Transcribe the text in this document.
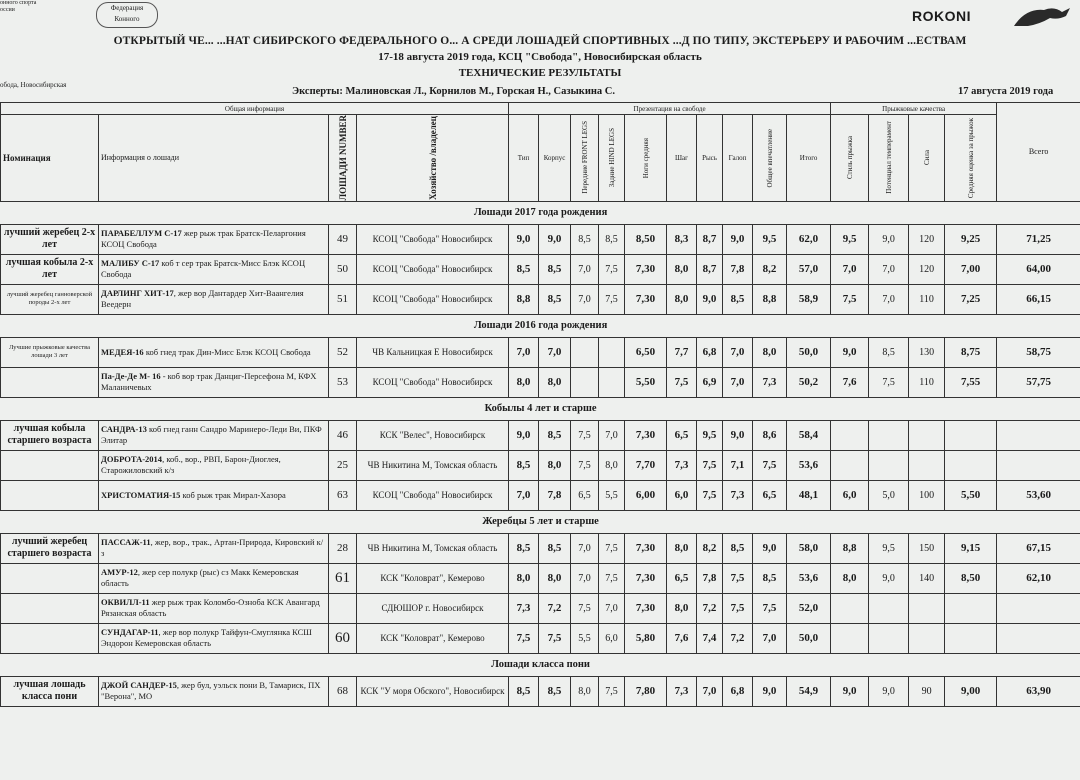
онного спорта
оссии	Федерация
Конного	ROKONI
ОТКРЫТЫЙ ЧЕ... ...НАТ СИБИРСКОГО ФЕДЕРАЛЬНОГО О... А СРЕДИ ЛОШАДЕЙ СПОРТИВНЫХ ...Д ПО ТИПУ, ЭКСТЕРЬЕРУ И РАБОЧИМ ...ЕСТВАМ
17-18 августа 2019 года, КСЦ "Свобода", Новосибирская область
ТЕХНИЧЕСКИЕ РЕЗУЛЬТАТЫ
ободa, Новосибирская
Эксперты: Малиновская Л., Корнилов М., Горская Н., Сазыкина С.	17 августа 2019 года
Общая информация				Презентация на свободе										Прыжковые качества				Всего
Номинация	Информация о лошади	ЛОШАДИ NUMBER	Хозяйство /владелец	Тип	Корпус	Передние FRONT LEGS	Задние HIND LEGS	Ноги средняя	Шаг	Рысь	Галоп	Общее впечатление	Итого	Стиль прыжка	Потенциал темперамент	Сила	Средняя оценка за прыжок	

Лошади 2017 года рождения																		
лучший жеребец 2-х лет	ПАРАБЕЛЛУМ С-17 жер рыж трак Братск-Пеларгония КСОЦ Свобода	49	КСОЦ "Свобода" Новосибирск	9,0	9,0	8,5	8,5	8,50	8,3	8,7	9,0	9,5	62,0	9,5	9,0	120	9,25	71,25
лучшая кобыла 2-х лет	МАЛИБУ С-17 коб т сер трак Братск-Мисс Блэк КСОЦ Свобода	50	КСОЦ "Свобода" Новосибирск	8,5	8,5	7,0	7,5	7,30	8,0	8,7	7,8	8,2	57,0	7,0	7,0	120	7,00	64,00
лучший жеребец ганноверской породы 2-х лет	ДАРЛИНГ ХИТ-17, жер вор Дантардер Хит-Ваангелия Веедерн	51	КСОЦ "Свобода" Новосибирск	8,8	8,5	7,0	7,5	7,30	8,0	9,0	8,5	8,8	58,9	7,5	7,0	110	7,25	66,15
Лошади 2016 года рождения																		
Лучшие прыжковые качества лошади 3 лет	МЕДЕЯ-16 коб гнед трак Дин-Мисс Блэк КСОЦ Свобода	52	ЧВ Кальницкая Е Новосибирск	7,0	7,0			6,50	7,7	6,8	7,0	8,0	50,0	9,0	8,5	130	8,75	58,75
	Па-Де-Де М- 16 - коб вор трак Данциг-Персефона М, КФХ Маланичевых	53	КСОЦ "Свобода" Новосибирск	8,0	8,0			5,50	7,5	6,9	7,0	7,3	50,2	7,6	7,5	110	7,55	57,75
Кобылы 4 лет и старше																		
лучшая кобыла старшего возраста	САНДРА-13 коб гнед ганн Сандро Маринеро-Леди Ви, ПКФ Элитар	46	КСК "Велес", Новосибирск	9,0	8,5	7,5	7,0	7,30	6,5	9,5	9,0	8,6	58,4					
	ДОБРОТА-2014, коб., вор., РВП, Барон-Диоглея, Старожиловский к/з	25	ЧВ Никитина М, Томская область	8,5	8,0	7,5	8,0	7,70	7,3	7,5	7,1	7,5	53,6					
	ХРИСТОМАТИЯ-15 коб рыж трак Мирал-Хазора	63	КСОЦ "Свобода" Новосибирск	7,0	7,8	6,5	5,5	6,00	6,0	7,5	7,3	6,5	48,1	6,0	5,0	100	5,50	53,60
Жеребцы 5 лет и старше																		
лучший жеребец старшего возраста	ПАССАЖ-11, жер, вор., трак., Артан-Природа, Кировский к/з	28	ЧВ Никитина М, Томская область	8,5	8,5	7,0	7,5	7,30	8,0	8,2	8,5	9,0	58,0	8,8	9,5	150	9,15	67,15
	АМУР-12, жер сер полукр (рыс) сз Макк Кемеровская область	61	КСК "Коловрат", Кемерово	8,0	8,0	7,0	7,5	7,30	6,5	7,8	7,5	8,5	53,6	8,0	9,0	140	8,50	62,10
	ОКВИЛЛ-11 жер рыж трак Коломбо-Озноба КСК Авангард Рязанская область		СДЮШОР г. Новосибирск	7,3	7,2	7,5	7,0	7,30	8,0	7,2	7,5	7,5	52,0					
	СУНДАГАР-11, жер вор полукр Тайфун-Смуглянка КСШ Эндорон Кемеровская область	60	КСК "Коловрат", Кемерово	7,5	7,5	5,5	6,0	5,80	7,6	7,4	7,2	7,0	50,0					
Лошади класса пони																		
лучшая лошадь класса пони	ДЖОЙ САНДЕР-15, жер бул, уэльск пони В, Тамариск, ПХ "Верона", МО	68	КСК "У моря Обского", Новосибирск	8,5	8,5	8,0	7,5	7,80	7,3	7,0	6,8	9,0	54,9	9,0	9,0	90	9,00	63,90
